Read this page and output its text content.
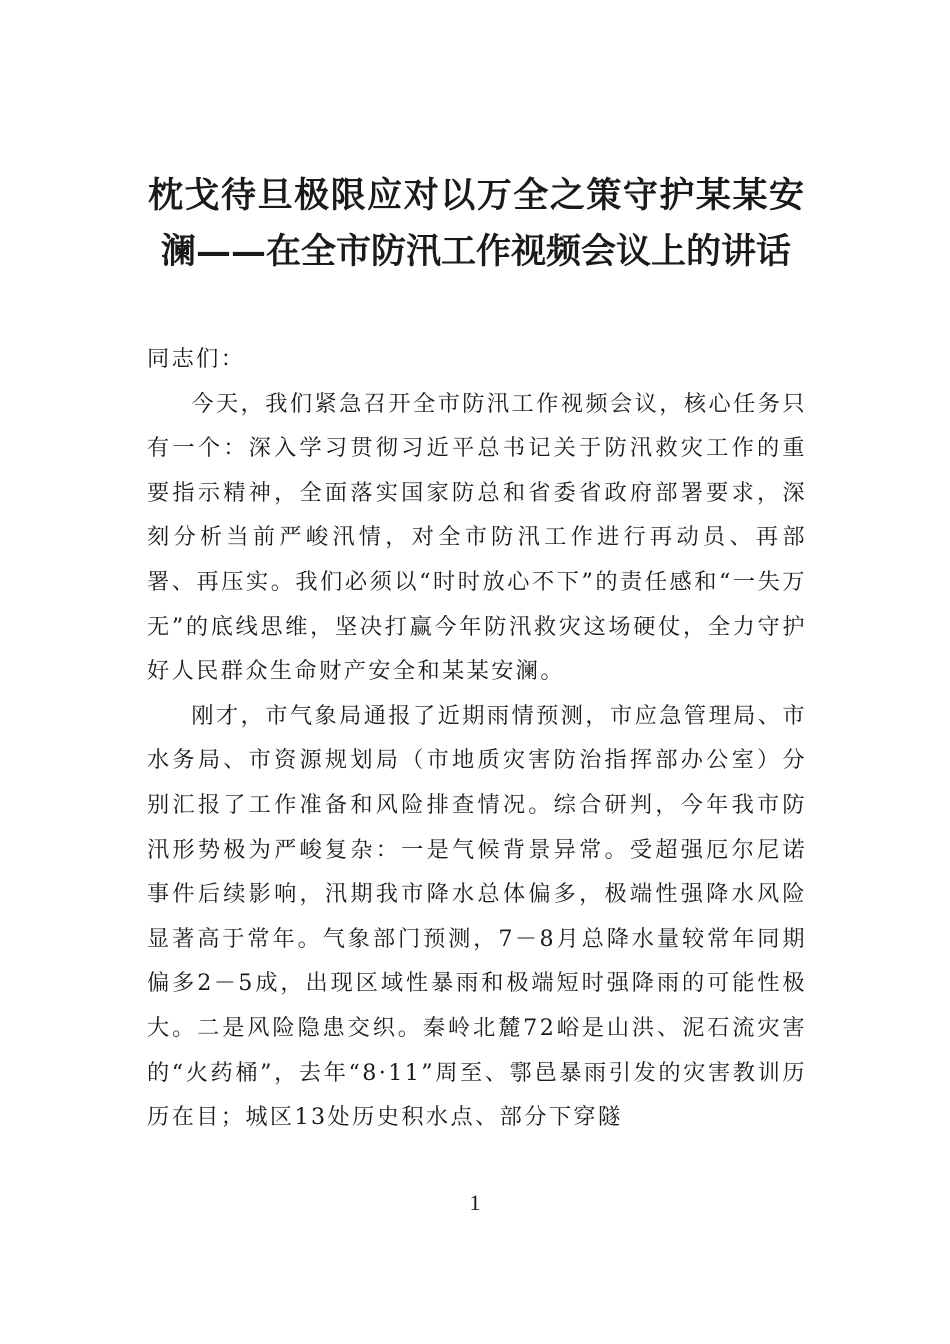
枕戈待旦极限应对以万全之策守护某某安澜——在全市防汛工作视频会议上的讲话

同志们：

今天，我们紧急召开全市防汛工作视频会议，核心任务只有一个：深入学习贯彻习近平总书记关于防汛救灾工作的重要指示精神，全面落实国家防总和省委省政府部署要求，深刻分析当前严峻汛情，对全市防汛工作进行再动员、再部署、再压实。我们必须以“时时放心不下”的责任感和“一失万无”的底线思维，坚决打赢今年防汛救灾这场硬仗，全力守护好人民群众生命财产安全和某某安澜。

刚才，市气象局通报了近期雨情预测，市应急管理局、市水务局、市资源规划局（市地质灾害防治指挥部办公室）分别汇报了工作准备和风险排查情况。综合研判，今年我市防汛形势极为严峻复杂：一是气候背景异常。受超强厄尔尼诺事件后续影响，汛期我市降水总体偏多，极端性强降水风险显著高于常年。气象部门预测，7－8月总降水量较常年同期偏多2－5成，出现区域性暴雨和极端短时强降雨的可能性极大。二是风险隐患交织。秦岭北麓72峪是山洪、泥石流灾害的“火药桶”，去年“8·11”周至、鄠邑暴雨引发的灾害教训历历在目；城区13处历史积水点、部分下穿隧

1
